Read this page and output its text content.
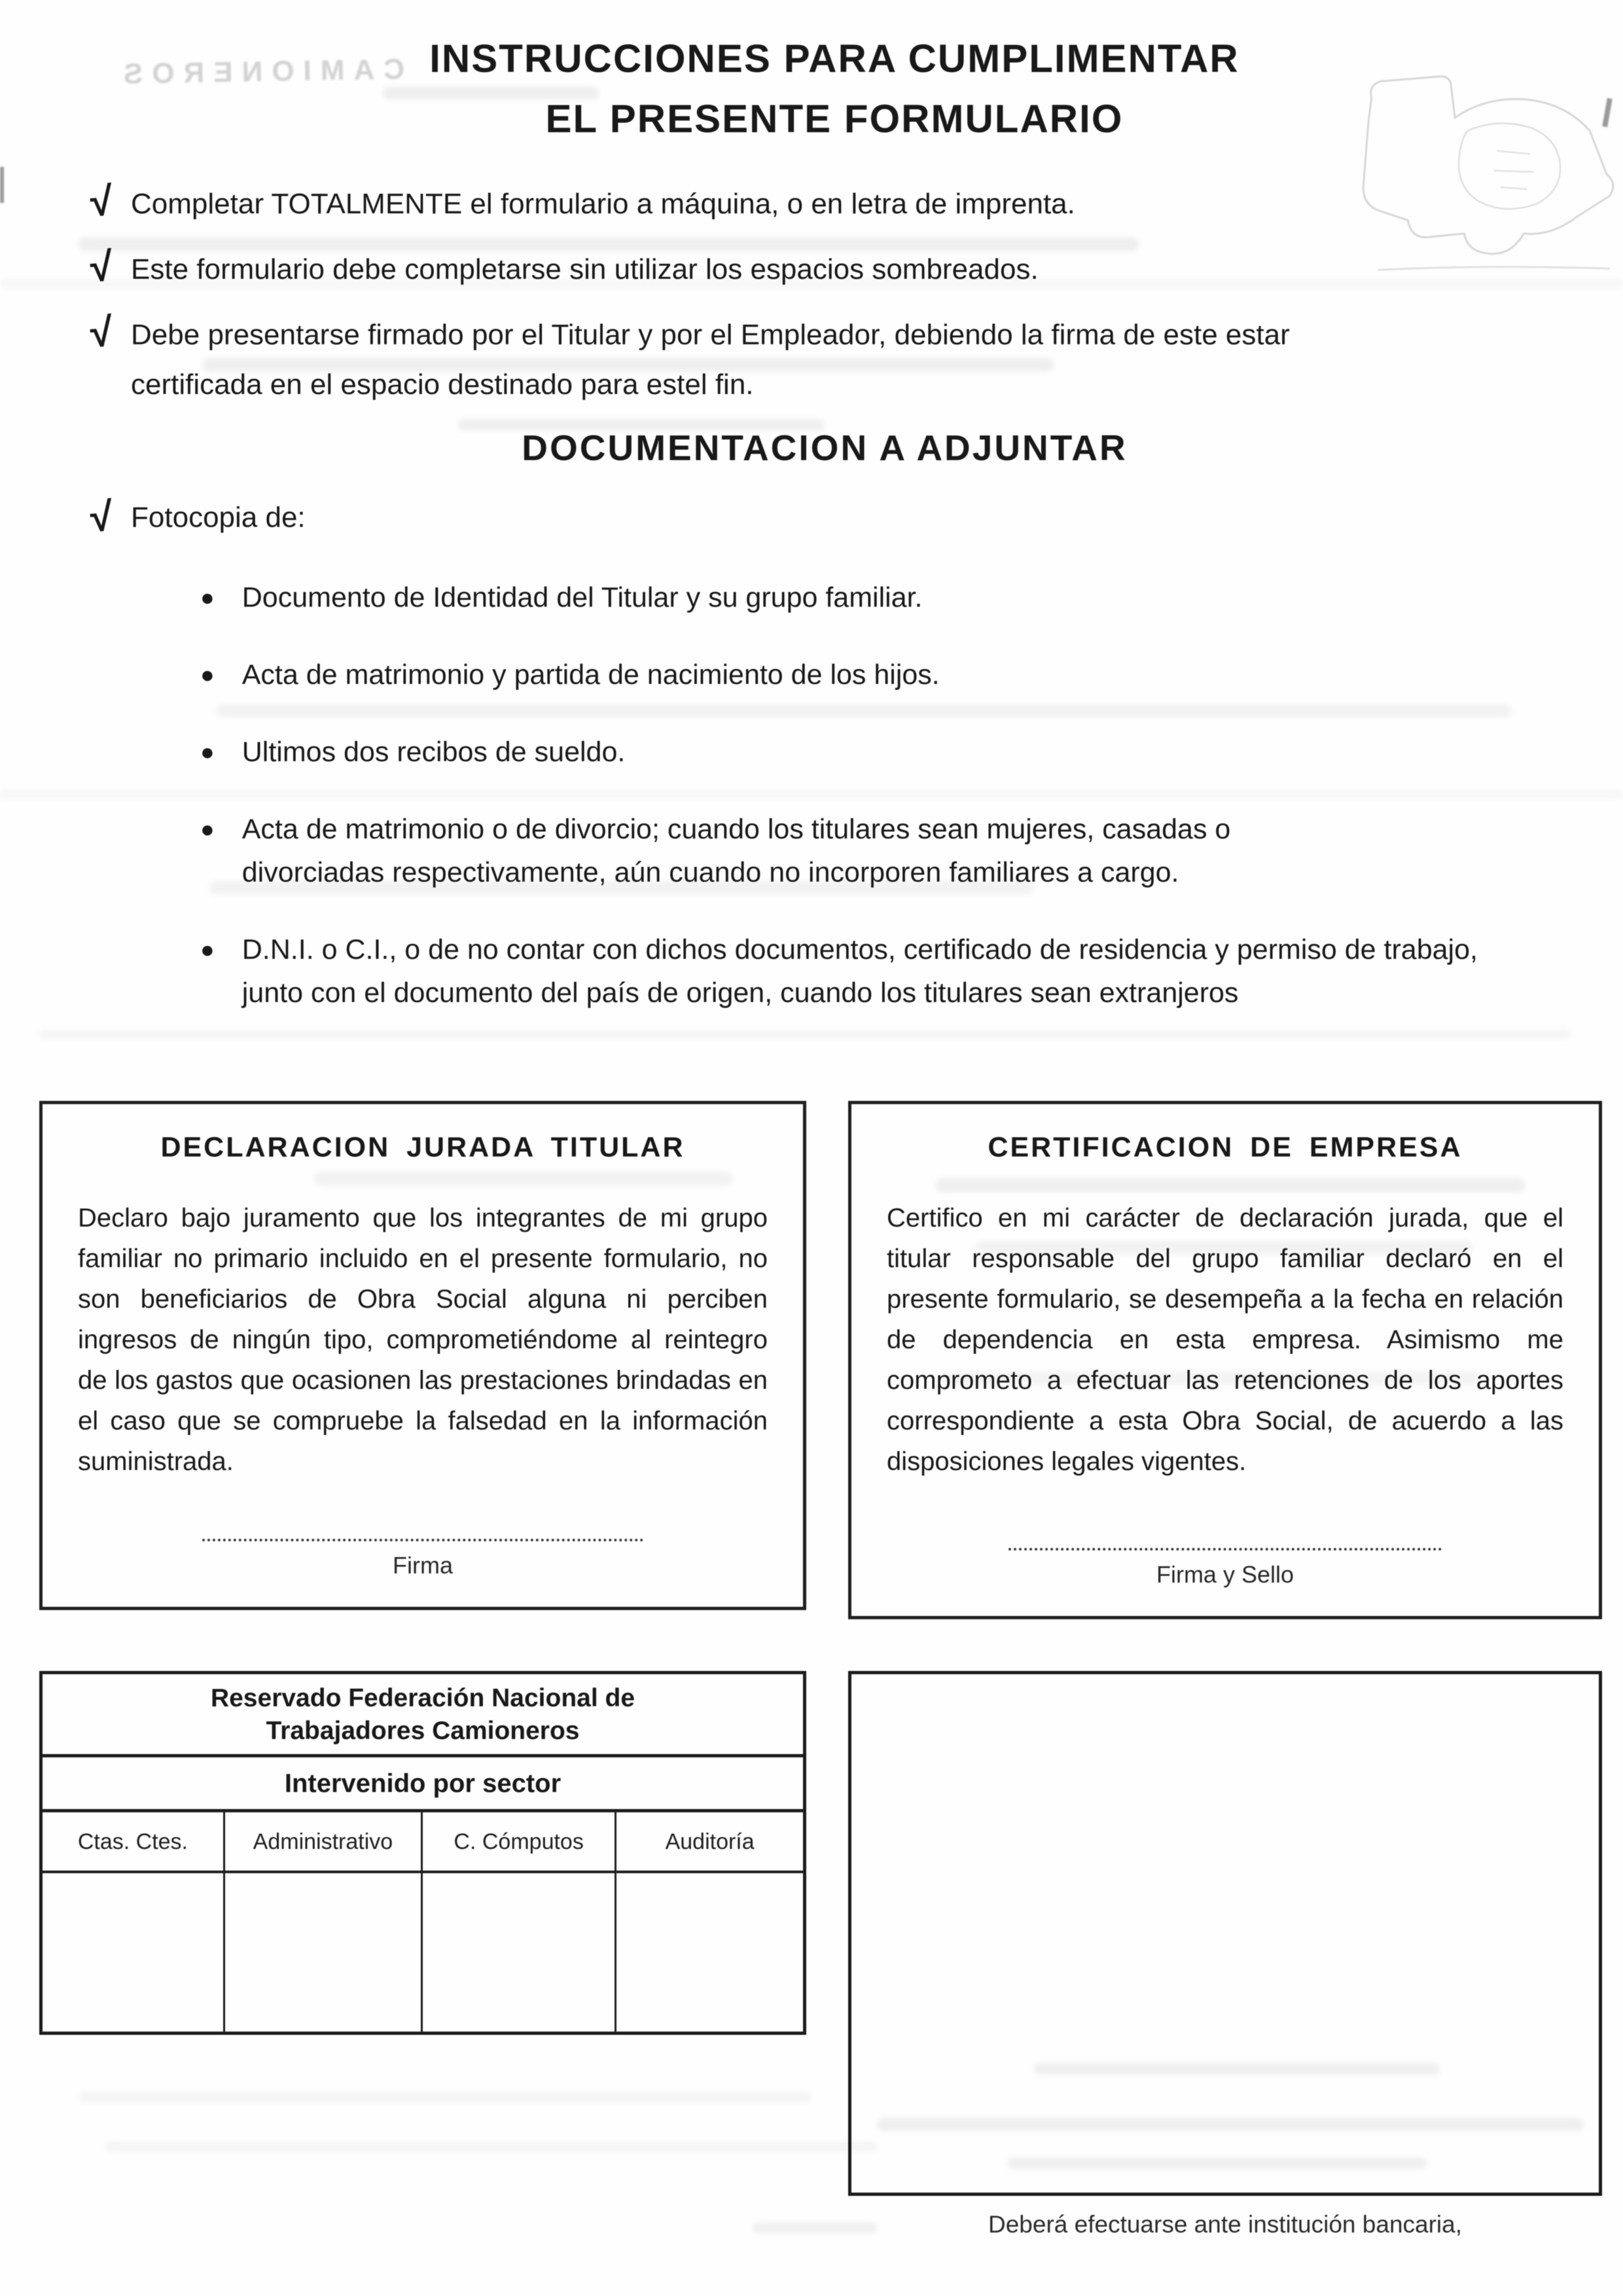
CAMIONEROS INSTRUCCIONES PARA CUMPLIMENTAR
EL PRESENTE FORMULARIO
√ Completar TOTALMENTE el formulario a máquina, o en letra de imprenta.
√ Este formulario debe completarse sin utilizar los espacios sombreados.
√ Debe presentarse firmado por el Titular y por el Empleador, debiendo la firma de este estar certificada en el espacio destinado para estel fin.
DOCUMENTACION A ADJUNTAR
√ Fotocopia de:
● Documento de Identidad del Titular y su grupo familiar.
● Acta de matrimonio y partida de nacimiento de los hijos.
● Ultimos dos recibos de sueldo.
● Acta de matrimonio o de divorcio; cuando los titulares sean mujeres, casadas o divorciadas respectivamente, aún cuando no incorporen familiares a cargo.
● D.N.I. o C.I., o de no contar con dichos documentos, certificado de residencia y permiso de trabajo, junto con el documento del país de origen, cuando los titulares sean extranjeros
DECLARACION JURADA TITULAR
Declaro bajo juramento que los integrantes de mi grupo familiar no primario incluido en el presente formulario, no son beneficiarios de Obra Social alguna ni perciben ingresos de ningún tipo, comprometiéndome al reintegro de los gastos que ocasionen las prestaciones brindadas en el caso que se compruebe la falsedad en la información suministrada.
Firma
CERTIFICACION DE EMPRESA
Certifico en mi carácter de declaración jurada, que el titular responsable del grupo familiar declaró en el presente formulario, se desempeña a la fecha en relación de dependencia en esta empresa. Asimismo me comprometo a efectuar las retenciones de los aportes correspondiente a esta Obra Social, de acuerdo a las disposiciones legales vigentes.
Firma y Sello
Reservado Federación Nacional de
Trabajadores Camioneros
Intervenido por sector
Ctas. Ctes.	Administrativo	C. Cómputos	Auditoría
Deberá efectuarse ante institución bancaria,
